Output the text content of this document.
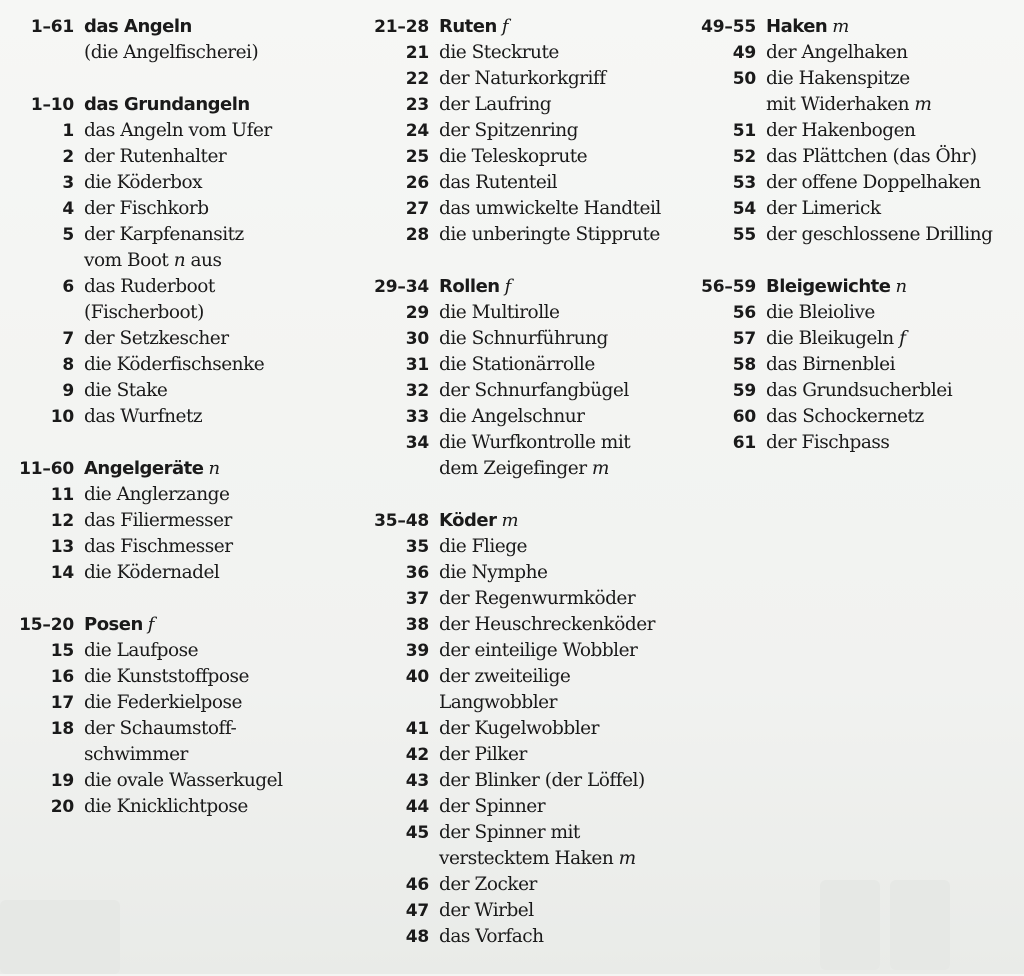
1–61 das Angeln
(die Angelfischerei)
1–10 das Grundangeln
1 das Angeln vom Ufer
2 der Rutenhalter
3 die Köderbox
4 der Fischkorb
5 der Karpfenansitz
vom Boot n aus
6 das Ruderboot
(Fischerboot)
7 der Setzkescher
8 die Köderfischsenke
9 die Stake
10 das Wurfnetz
11–60 Angelgeräte n
11 die Anglerzange
12 das Filiermesser
13 das Fischmesser
14 die Ködernadel
15–20 Posen f
15 die Laufpose
16 die Kunststoffpose
17 die Federkielpose
18 der Schaumstoff-
schwimmer
19 die ovale Wasserkugel
20 die Knicklichtpose
21–28 Ruten f
21 die Steckrute
22 der Naturkorkgriff
23 der Laufring
24 der Spitzenring
25 die Teleskoprute
26 das Rutenteil
27 das umwickelte Handteil
28 die unberingte Stipprute
29–34 Rollen f
29 die Multirolle
30 die Schnurführung
31 die Stationärrolle
32 der Schnurfangbügel
33 die Angelschnur
34 die Wurfkontrolle mit
dem Zeigefinger m
35–48 Köder m
35 die Fliege
36 die Nymphe
37 der Regenwurmköder
38 der Heuschreckenköder
39 der einteilige Wobbler
40 der zweiteilige
Langwobbler
41 der Kugelwobbler
42 der Pilker
43 der Blinker (der Löffel)
44 der Spinner
45 der Spinner mit
verstecktem Haken m
46 der Zocker
47 der Wirbel
48 das Vorfach
49–55 Haken m
49 der Angelhaken
50 die Hakenspitze
mit Widerhaken m
51 der Hakenbogen
52 das Plättchen (das Öhr)
53 der offene Doppelhaken
54 der Limerick
55 der geschlossene Drilling
56–59 Bleigewichte n
56 die Bleiolive
57 die Bleikugeln f
58 das Birnenblei
59 das Grundsucherblei
60 das Schockernetz
61 der Fischpass
